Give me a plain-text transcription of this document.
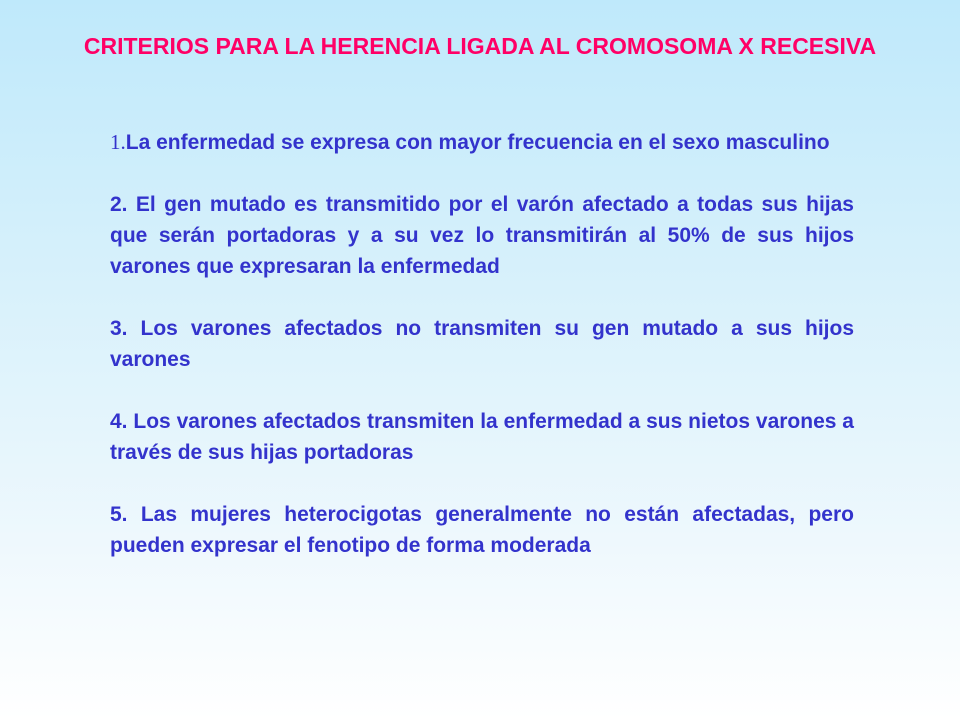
CRITERIOS PARA LA HERENCIA LIGADA AL CROMOSOMA X RECESIVA
1.La enfermedad se expresa con mayor frecuencia en el sexo masculino
2. El gen mutado es transmitido por el varón afectado a todas sus hijas que serán portadoras y a su vez lo transmitirán al 50% de sus hijos varones que expresaran la enfermedad
3. Los varones afectados no transmiten su gen mutado a sus hijos varones
4. Los varones afectados transmiten la enfermedad a sus nietos varones a través de sus hijas portadoras
5. Las mujeres heterocigotas generalmente no están afectadas, pero pueden expresar el fenotipo de forma moderada
